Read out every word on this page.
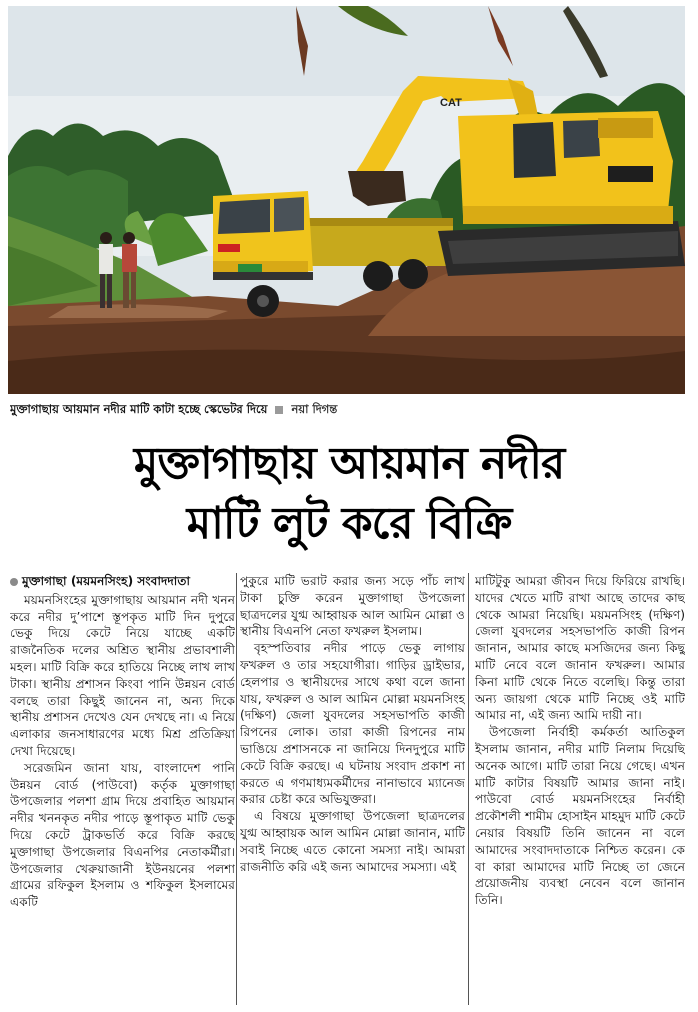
CAT
মুক্তাগাছায় আয়মান নদীর মাটি কাটা হচ্ছে স্কেভেটর দিয়ে নয়া দিগন্ত
মুক্তাগাছায় আয়মান নদীর
মাটি লুট করে বিক্রি

মুক্তাগাছা (ময়মনসিংহ) সংবাদদাতা

ময়মনসিংহের মুক্তাগাছায় আয়মান নদী খনন করে নদীর দু’পাশে স্তূপকৃত মাটি দিন দুপুরে ভেকু দিয়ে কেটে নিয়ে যাচ্ছে একটি রাজনৈতিক দলের অশ্রিত স্থানীয় প্রভাবশালী মহল। মাটি বিক্রি করে হাতিয়ে নিচ্ছে লাখ লাখ টাকা। স্থানীয় প্রশাসন কিংবা পানি উন্নয়ন বোর্ড বলছে তারা কিছুই জানেন না, অন্য দিকে স্থানীয় প্রশাসন দেখেও যেন দেখছে না। এ নিয়ে এলাকার জনসাধারণের মধ্যে মিশ্র প্রতিক্রিয়া দেখা দিয়েছে।

সরেজমিন জানা যায়, বাংলাদেশ পানি উন্নয়ন বোর্ড (পাউবো) কর্তৃক মুক্তাগাছা উপজেলার পলশা গ্রাম দিয়ে প্রবাহিত আয়মান নদীর খননকৃত নদীর পাড়ে স্তূপাকৃত মাটি ভেকু দিয়ে কেটে ট্রাকভর্তি করে বিক্রি করছে মুক্তাগাছা উপজেলার বিএনপির নেতাকর্মীরা। উপজেলার খেরুয়াজানী ইউনয়নের পলশা গ্রামের রফিকুল ইসলাম ও শফিকুল ইসলামের একটি

পুকুরে মাটি ভরাট করার জন্য সড়ে পাঁচ লাখ টাকা চুক্তি করেন মুক্তাগাছা উপজেলা ছাত্রদলের যুগ্ম আহ্বায়ক আল আমিন মোল্লা ও স্থানীয় বিএনপি নেতা ফখরুল ইসলাম।

বৃহস্পতিবার নদীর পাড়ে ভেকু লাগায় ফখরুল ও তার সহযোগীরা। গাড়ির ড্রাইভার, হেলপার ও স্থানীয়দের সাথে কথা বলে জানা যায়, ফখরুল ও আল আমিন মোল্লা ময়মনসিংহ (দক্ষিণ) জেলা যুবদলের সহসভাপতি কাজী রিপনের লোক। তারা কাজী রিপনের নাম ভাঙিয়ে প্রশাসনকে না জানিয়ে দিনদুপুরে মাটি কেটে বিক্রি করছে। এ ঘটনায় সংবাদ প্রকাশ না করতে এ গণমাধ্যমকর্মীদের নানাভাবে ম্যানেজ করার চেষ্টা করে অভিযুক্তরা।

এ বিষয়ে মুক্তাগাছা উপজেলা ছাত্রদলের যুগ্ম আহ্বায়ক আল আমিন মোল্লা জানান, মাটি সবাই নিচ্ছে এতে কোনো সমস্যা নাই। আমরা রাজনীতি করি এই জন্য আমাদের সমস্যা। এই

মাটিটুকু আমরা জীবন দিয়ে ফিরিয়ে রাখছি। যাদের খেতে মাটি রাখা আছে তাদের কাছ থেকে আমরা নিয়েছি। ময়মনসিংহ (দক্ষিণ) জেলা যুবদলের সহসভাপতি কাজী রিপন জানান, আমার কাছে মসজিদের জন্য কিছু মাটি নেবে বলে জানান ফখরুল। আমার কিনা মাটি থেকে নিতে বলেছি। কিন্তু তারা অন্য জায়গা থেকে মাটি নিচ্ছে ওই মাটি আমার না, এই জন্য আমি দায়ী না।

উপজেলা নির্বাহী কর্মকর্তা আতিকুল ইসলাম জানান, নদীর মাটি নিলাম দিয়েছি অনেক আগে। মাটি তারা নিয়ে গেছে। এখন মাটি কাটার বিষয়টি আমার জানা নাই। পাউবো বোর্ড ময়মনসিংহের নির্বাহী প্রকৌশলী শামীম হোসাইন মাহমুদ মাটি কেটে নেয়ার বিষয়টি তিনি জানেন না বলে আমাদের সংবাদদাতাকে নিশ্চিত করেন। কে বা কারা আমাদের মাটি নিচ্ছে তা জেনে প্রয়োজনীয় ব্যবস্থা নেবেন বলে জানান তিনি।
